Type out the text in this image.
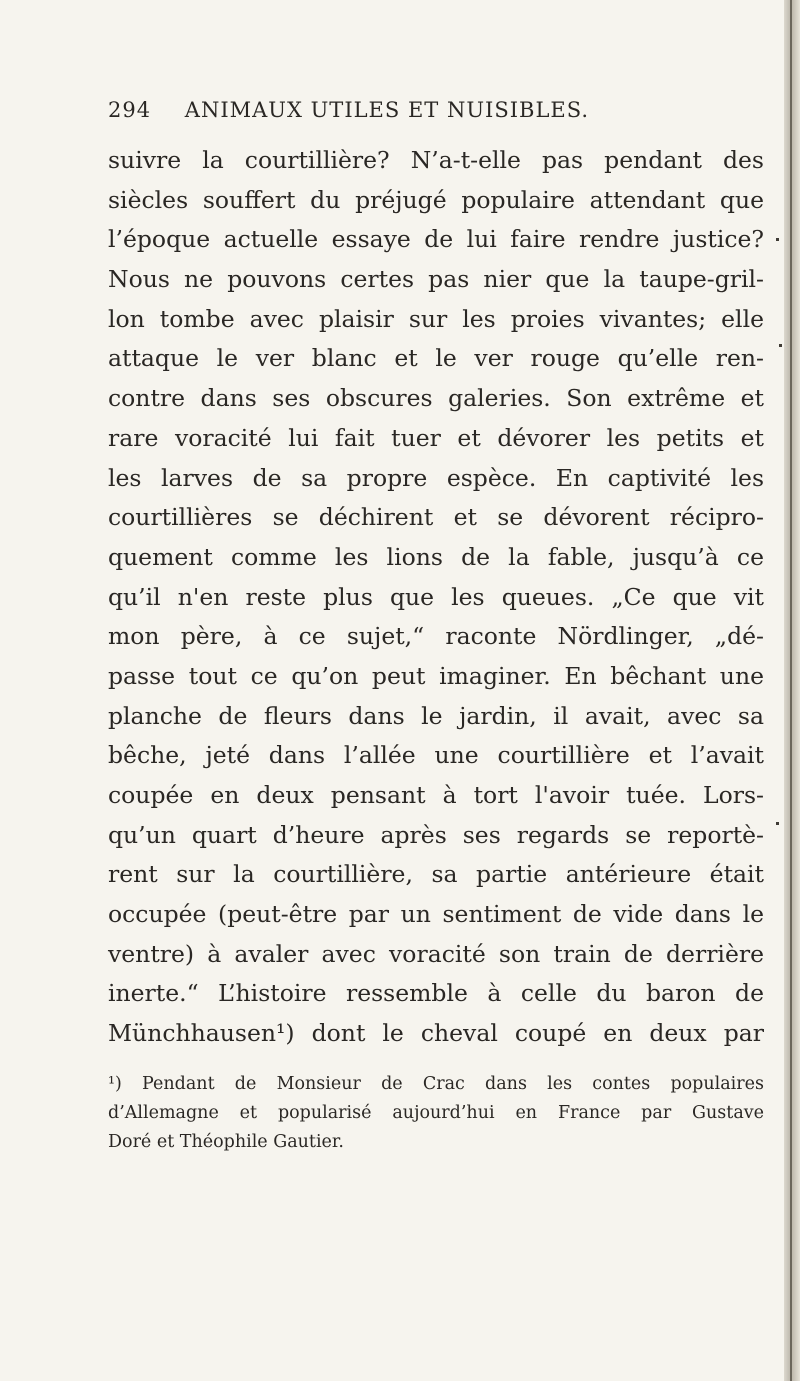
294 ANIMAUX UTILES ET NUISIBLES.
suivre la courtillière? N’a-t-elle pas pendant des
siècles souffert du préjugé populaire attendant que
l’époque actuelle essaye de lui faire rendre justice?
Nous ne pouvons certes pas nier que la taupe-gril-
lon tombe avec plaisir sur les proies vivantes; elle
attaque le ver blanc et le ver rouge qu’elle ren-
contre dans ses obscures galeries. Son extrême et
rare voracité lui fait tuer et dévorer les petits et
les larves de sa propre espèce. En captivité les
courtillières se déchirent et se dévorent récipro-
quement comme les lions de la fable, jusqu’à ce
qu’il n'en reste plus que les queues. „Ce que vit
mon père, à ce sujet,“ raconte Nördlinger, „dé-
passe tout ce qu’on peut imaginer. En bêchant une
planche de fleurs dans le jardin, il avait, avec sa
bêche, jeté dans l’allée une courtillière et l’avait
coupée en deux pensant à tort l'avoir tuée. Lors-
qu’un quart d’heure après ses regards se reportè-
rent sur la courtillière, sa partie antérieure était
occupée (peut-être par un sentiment de vide dans le
ventre) à avaler avec voracité son train de derrière
inerte.“ L’histoire ressemble à celle du baron de
Münchhausen¹) dont le cheval coupé en deux par
¹) Pendant de Monsieur de Crac dans les contes populaires
d’Allemagne et popularisé aujourd’hui en France par Gustave
Doré et Théophile Gautier.
